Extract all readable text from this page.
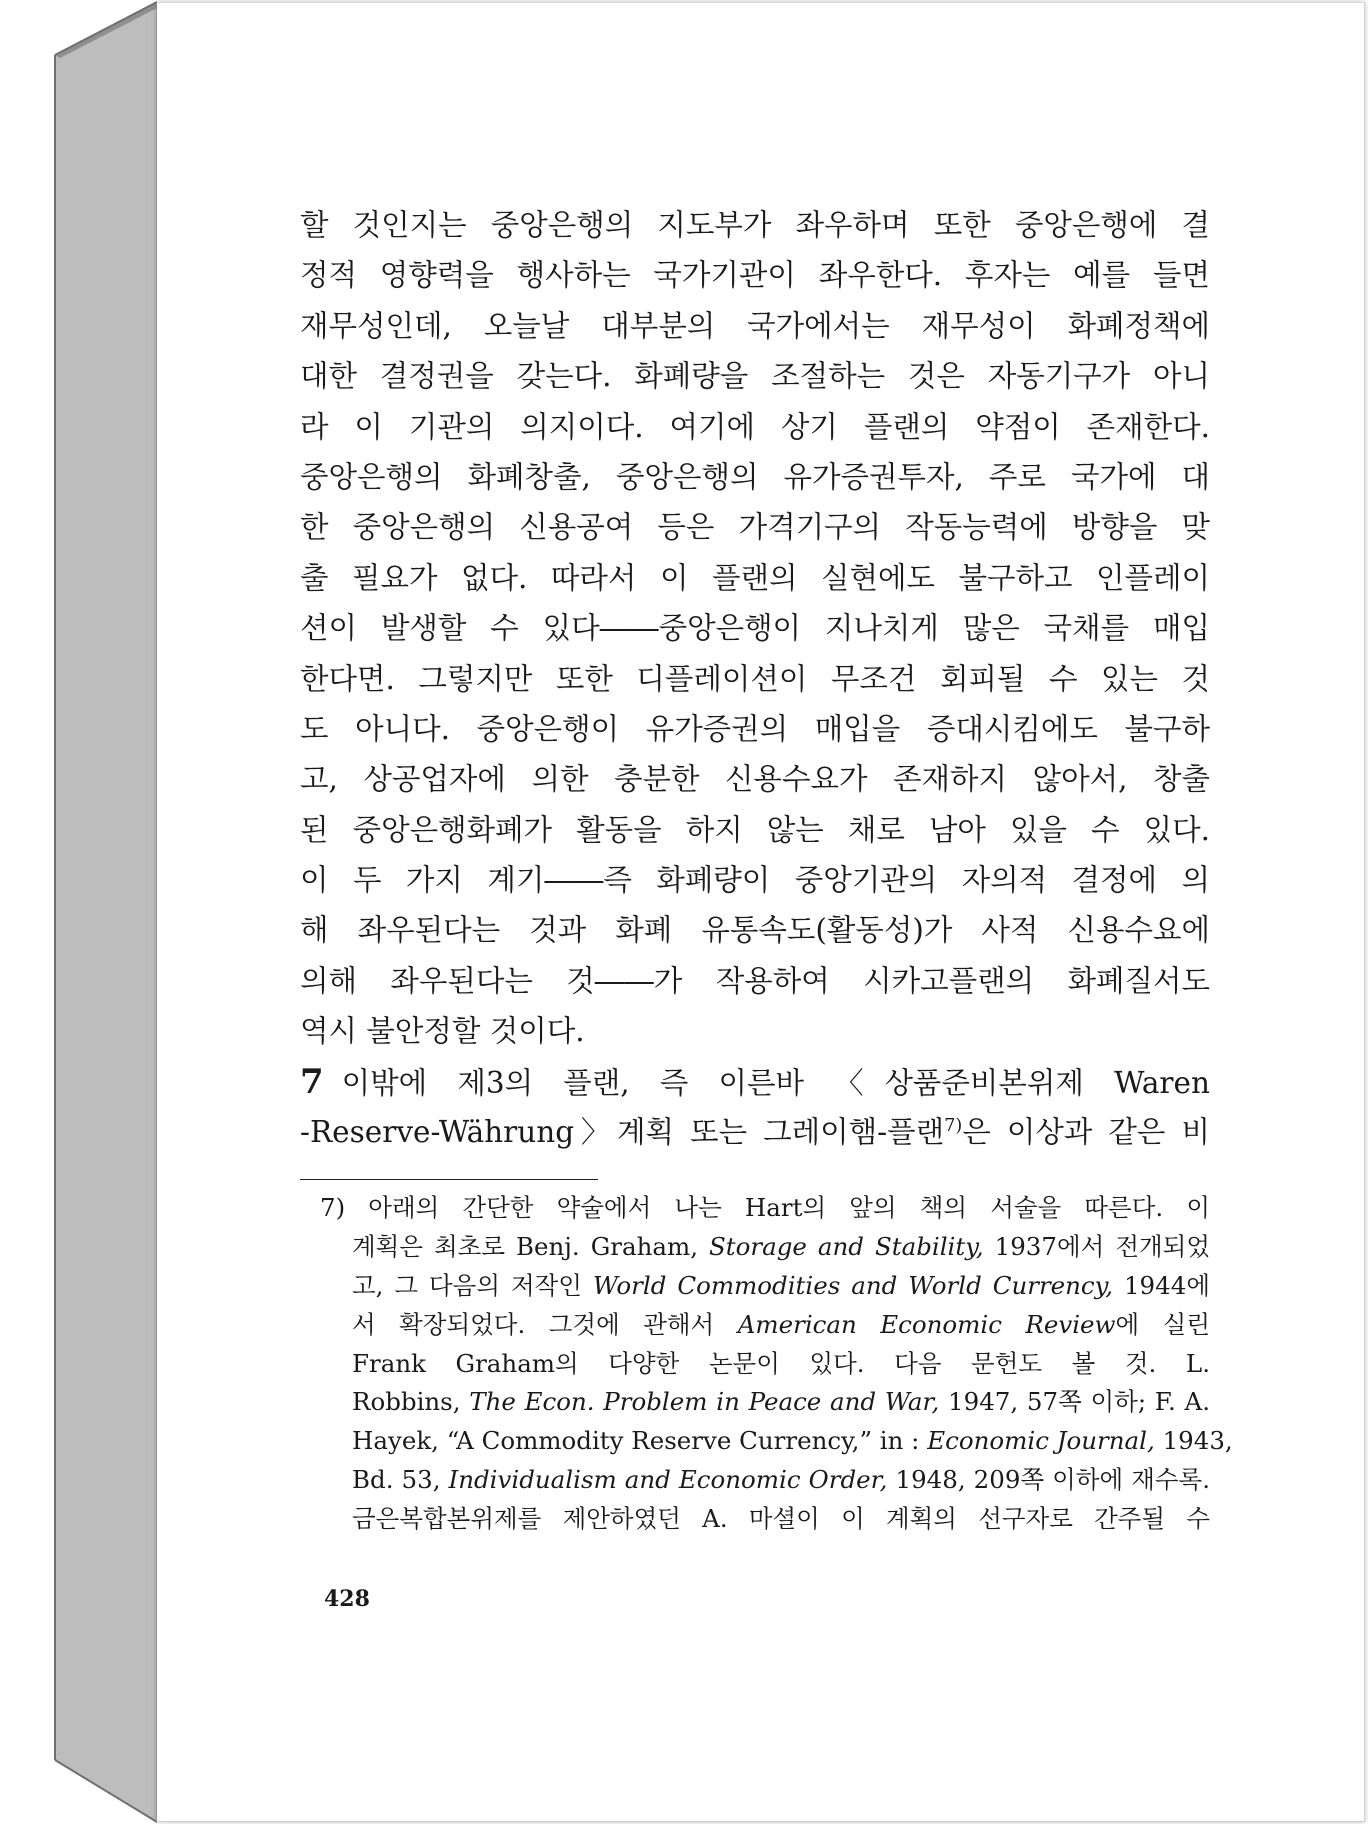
할 것인지는 중앙은행의 지도부가 좌우하며 또한 중앙은행에 결
정적 영향력을 행사하는 국가기관이 좌우한다. 후자는 예를 들면
재무성인데, 오늘날 대부분의 국가에서는 재무성이 화폐정책에
대한 결정권을 갖는다. 화폐량을 조절하는 것은 자동기구가 아니
라 이 기관의 의지이다. 여기에 상기 플랜의 약점이 존재한다.
중앙은행의 화폐창출, 중앙은행의 유가증권투자, 주로 국가에 대
한 중앙은행의 신용공여 등은 가격기구의 작동능력에 방향을 맞
출 필요가 없다. 따라서 이 플랜의 실현에도 불구하고 인플레이
션이 발생할 수 있다――중앙은행이 지나치게 많은 국채를 매입
한다면. 그렇지만 또한 디플레이션이 무조건 회피될 수 있는 것
도 아니다. 중앙은행이 유가증권의 매입을 증대시킴에도 불구하
고, 상공업자에 의한 충분한 신용수요가 존재하지 않아서, 창출
된 중앙은행화폐가 활동을 하지 않는 채로 남아 있을 수 있다.
이 두 가지 계기――즉 화폐량이 중앙기관의 자의적 결정에 의
해 좌우된다는 것과 화폐 유통속도(활동성)가 사적 신용수요에
의해 좌우된다는 것――가 작용하여 시카고플랜의 화폐질서도
역시 불안정할 것이다.
7 이밖에 제3의 플랜, 즉 이른바 〈상품준비본위제 Waren
-Reserve-Währung〉계획 또는 그레이햄-플랜$^{7)}$은 이상과 같은 비
7) 아래의 간단한 약술에서 나는 Hart의 앞의 책의 서술을 따른다. 이
계획은 최초로 Benj. Graham, Storage and Stability, 1937에서 전개되었
고, 그 다음의 저작인 World Commodities and World Currency, 1944에
서 확장되었다. 그것에 관해서 American Economic Review에 실린
Frank Graham의 다양한 논문이 있다. 다음 문헌도 볼 것. L.
Robbins, The Econ. Problem in Peace and War, 1947, 57쪽 이하; F. A.
Hayek, “A Commodity Reserve Currency,” in : Economic Journal, 1943,
Bd. 53, Individualism and Economic Order, 1948, 209쪽 이하에 재수록.
금은복합본위제를 제안하였던 A. 마셜이 이 계획의 선구자로 간주될 수
428
